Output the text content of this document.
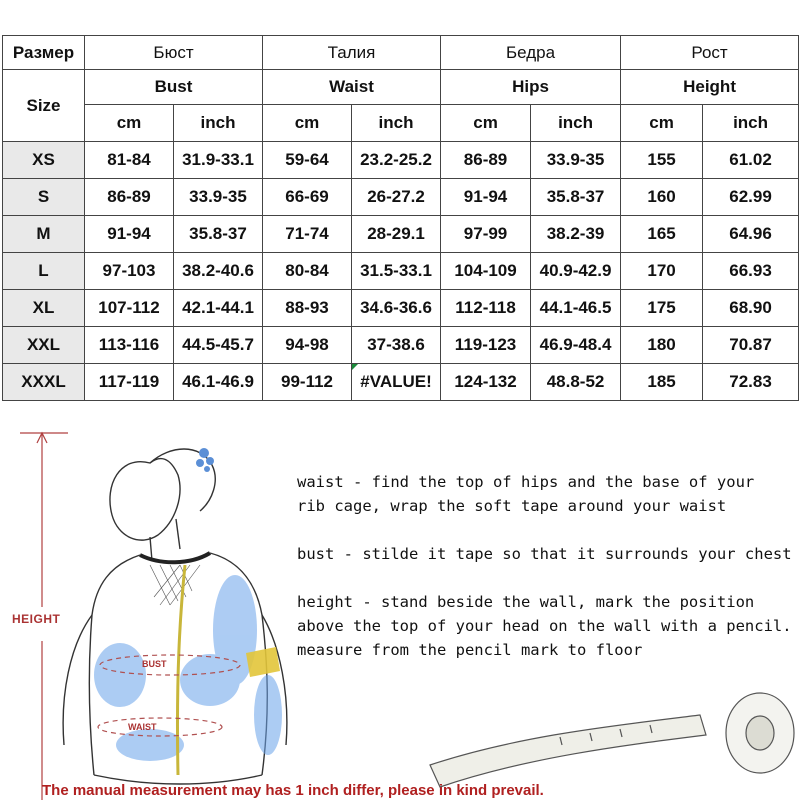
Размер	Бюст		Талия		Бедра		Рост	
Size	Bust		Waist		Hips		Height	
	cm	inch	cm	inch	cm	inch	cm	inch
XS	81-84	31.9-33.1	59-64	23.2-25.2	86-89	33.9-35	155	61.02
S	86-89	33.9-35	66-69	26-27.2	91-94	35.8-37	160	62.99
M	91-94	35.8-37	71-74	28-29.1	97-99	38.2-39	165	64.96
L	97-103	38.2-40.6	80-84	31.5-33.1	104-109	40.9-42.9	170	66.93
XL	107-112	42.1-44.1	88-93	34.6-36.6	112-118	44.1-46.5	175	68.90
XXL	113-116	44.5-45.7	94-98	37-38.6	119-123	46.9-48.4	180	70.87
XXXL	117-119	46.1-46.9	99-112	#VALUE!	124-132	48.8-52	185	72.83
BUST
WAIST
HEIGHT

waist - find the top of hips and the base of your
rib cage, wrap the soft tape around your waist

bust - stilde it tape so that it surrounds your chest

height - stand beside the wall, mark the position
above the top of your head on the wall with a pencil.
measure from the pencil mark to floor

The manual measurement may has 1 inch differ, please in kind prevail.
